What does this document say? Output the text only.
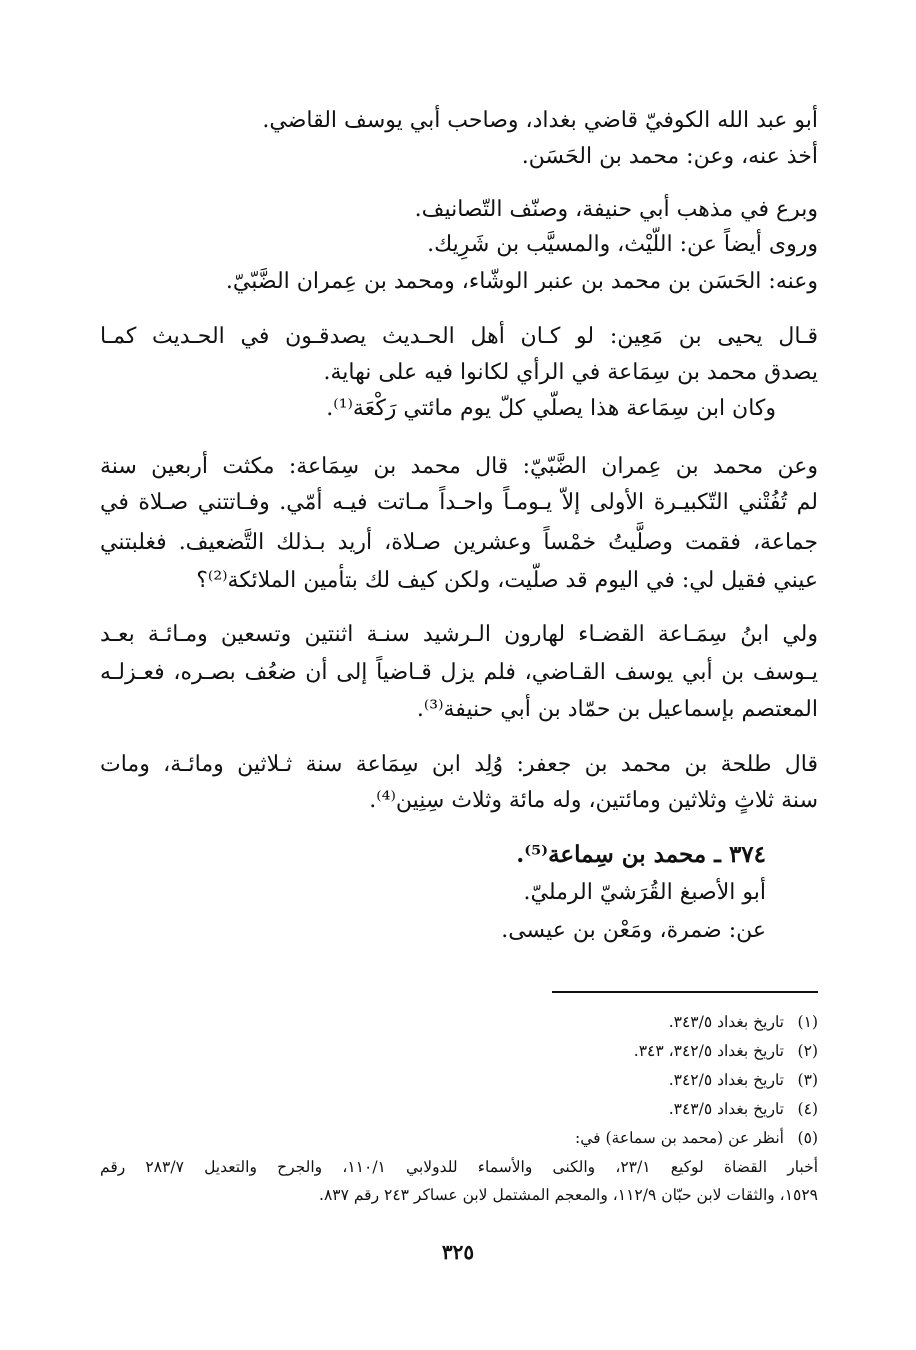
أبو عبد الله الكوفيّ قاضي بغداد، وصاحب أبي يوسف القاضي.
أخذ عنه، وعن: محمد بن الحَسَن.
وبرع في مذهب أبي حنيفة، وصنّف التّصانيف.
وروى أيضاً عن: اللّيْث، والمسيَّب بن شَرِيك.
وعنه: الحَسَن بن محمد بن عنبر الوشّاء، ومحمد بن عِمران الضَّبّيّ.
قـال يحيى بن مَعِين: لو كـان أهل الحـديث يصدقـون في الحـديث كمـا
يصدق محمد بن سِمَاعة في الرأي لكانوا فيه على نهاية.
وكان ابن سِمَاعة هذا يصلّي كلّ يوم مائتي رَكْعَة⁽¹⁾.
وعن محمد بن عِمران الضَّبّيّ: قال محمد بن سِمَاعة: مكثت أربعين سنة
لم تُفُتْني التّكبيـرة الأولى إلاّ يـومـاً واحـداً مـاتت فيـه أمّي. وفـاتتني صـلاة في
جماعة، فقمت وصلَّيتُ خمْساً وعشرين صـلاة، أريد بـذلك التَّضعيف. فغلبتني
عيني فقيل لي: في اليوم قد صلّيت، ولكن كيف لك بتأمين الملائكة⁽²⁾؟
ولي ابنُ سِمَـاعة القضـاء لهارون الـرشيد سنـة اثنتين وتسعين ومـائـة بعـد
يـوسف بن أبي يوسف القـاضي، فلم يزل قـاضياً إلى أن ضعُف بصـره، فعـزلـه
المعتصم بإسماعيل بن حمّاد بن أبي حنيفة⁽³⁾.
قال طلحة بن محمد بن جعفر: وُلِد ابن سِمَاعة سنة ثـلاثين ومائـة، ومات
سنة ثلاثٍ وثلاثين ومائتين، وله مائة وثلاث سِنِين⁽⁴⁾.
٣٧٤ ـ محمد بن سِماعة⁽⁵⁾.
أبو الأصبغ القُرَشيّ الرمليّ.
عن: ضمرة، ومَعْن بن عيسى.
(١)تاريخ بغداد ٣٤٣/٥.
(٢)تاريخ بغداد ٣٤٢/٥، ٣٤٣.
(٣)تاريخ بغداد ٣٤٢/٥.
(٤)تاريخ بغداد ٣٤٣/٥.
(٥)أنظر عن (محمد بن سماعة) في:
أخبار القضاة لوكيع ٢٣/١، والكنى والأسماء للدولابي ١١٠/١، والجرح والتعديل ٢٨٣/٧ رقم
١٥٢٩، والثقات لابن حبّان ١١٢/٩، والمعجم المشتمل لابن عساكر ٢٤٣ رقم ٨٣٧.
٣٢٥
